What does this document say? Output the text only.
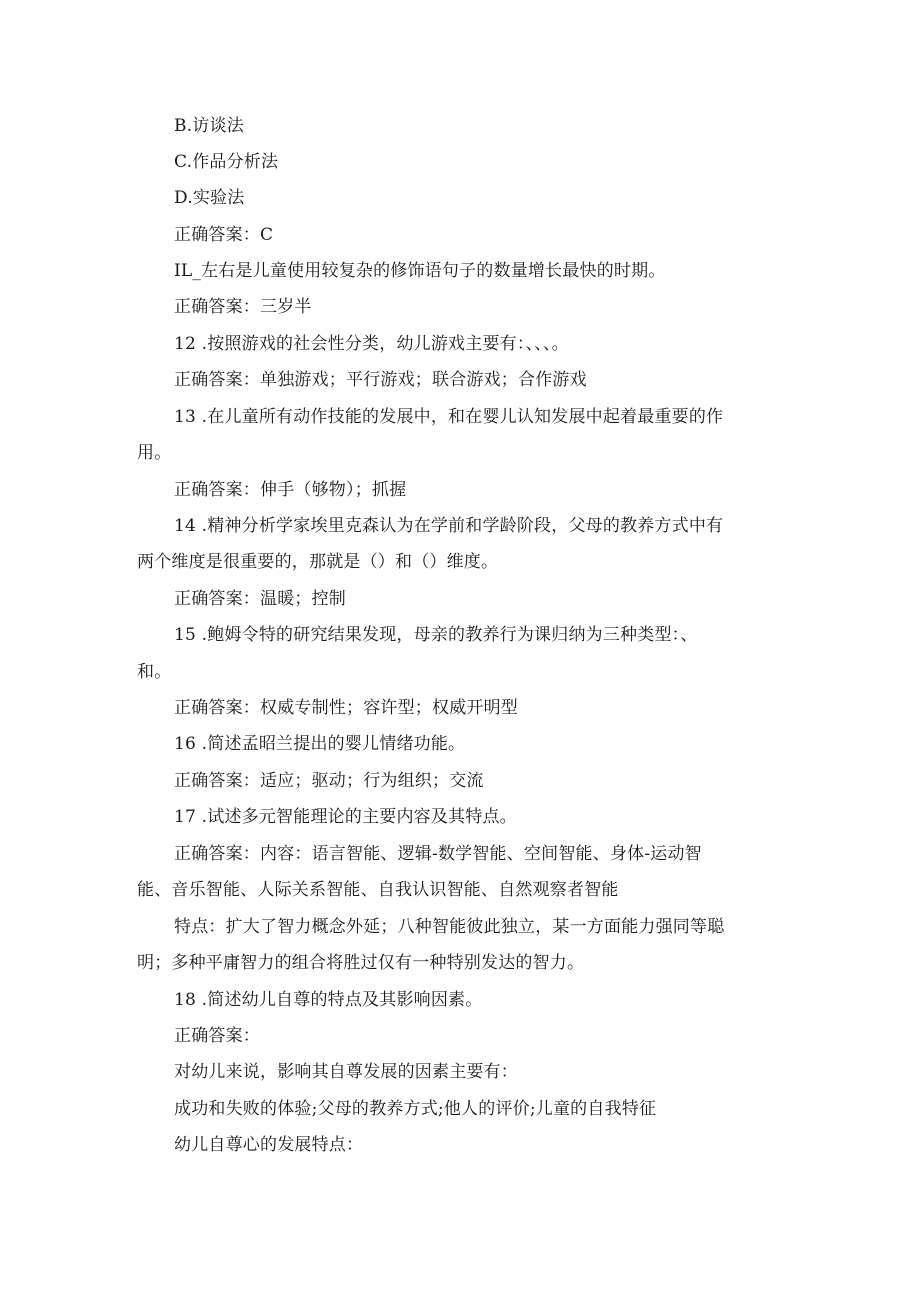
B.访谈法
C.作品分析法
D.实验法
正确答案：C
IL_左右是儿童使用较复杂的修饰语句子的数量增长最快的时期。
正确答案：三岁半
12 .按照游戏的社会性分类，幼儿游戏主要有：、、、。
正确答案：单独游戏；平行游戏；联合游戏；合作游戏
13 .在儿童所有动作技能的发展中，和在婴儿认知发展中起着最重要的作
用。
正确答案：伸手（够物）；抓握
14 .精神分析学家埃里克森认为在学前和学龄阶段，父母的教养方式中有
两个维度是很重要的，那就是（）和（）维度。
正确答案：温暖；控制
15 .鲍姆令特的研究结果发现，母亲的教养行为课归纳为三种类型：、
和。
正确答案：权威专制性；容许型；权威开明型
16 .简述孟昭兰提出的婴儿情绪功能。
正确答案：适应；驱动；行为组织；交流
17 .试述多元智能理论的主要内容及其特点。
正确答案：内容：语言智能、逻辑-数学智能、空间智能、身体-运动智
能、音乐智能、人际关系智能、自我认识智能、自然观察者智能
特点：扩大了智力概念外延；八种智能彼此独立，某一方面能力强同等聪
明；多种平庸智力的组合将胜过仅有一种特别发达的智力。
18 .简述幼儿自尊的特点及其影响因素。
正确答案：
对幼儿来说，影响其自尊发展的因素主要有：
成功和失败的体验;父母的教养方式;他人的评价;儿童的自我特征
幼儿自尊心的发展特点：
